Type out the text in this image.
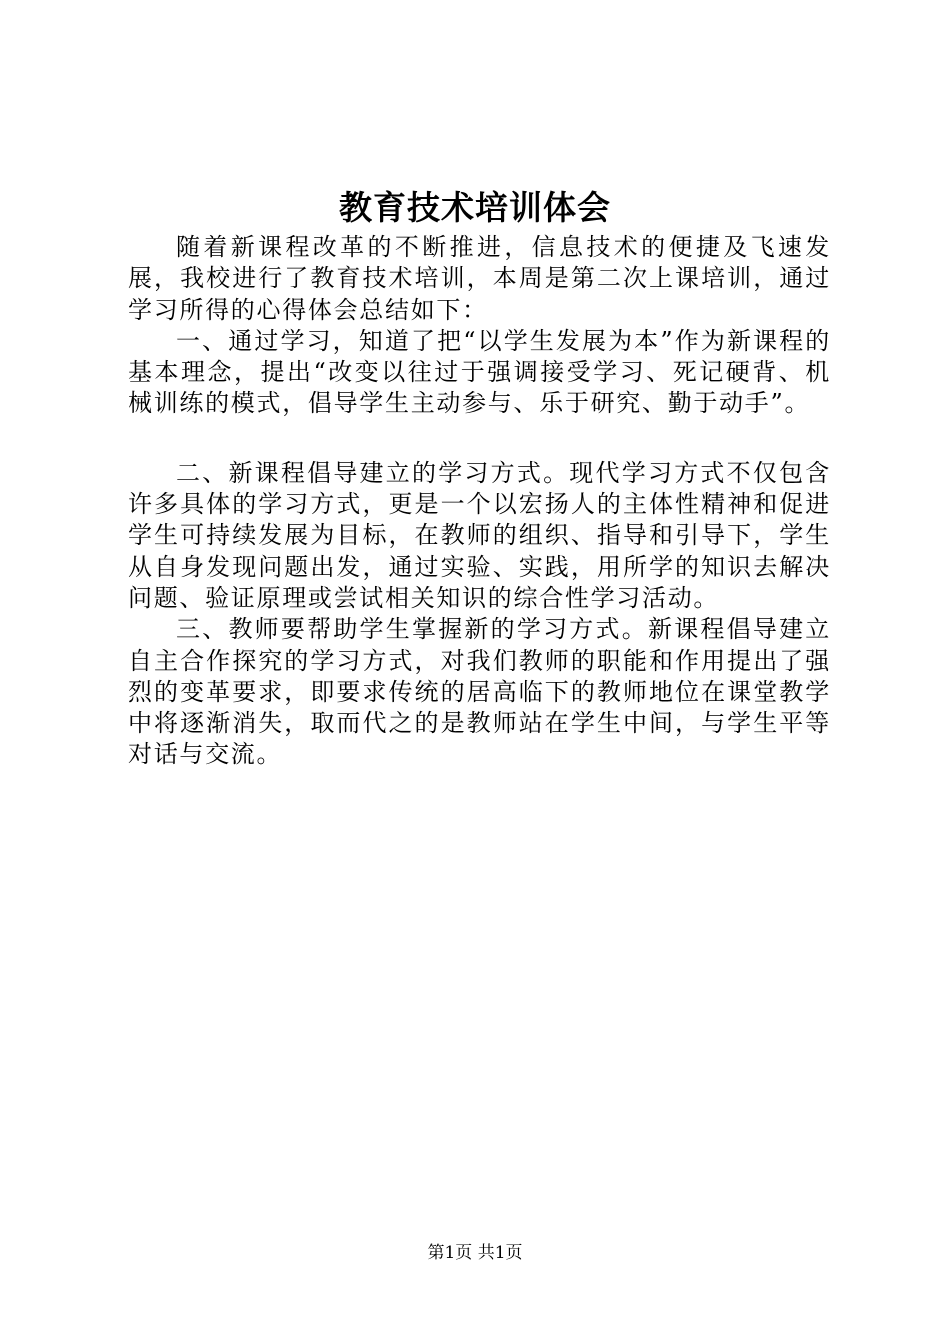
教育技术培训体会

随着新课程改革的不断推进，信息技术的便捷及飞速发展，我校进行了教育技术培训，本周是第二次上课培训，通过学习所得的心得体会总结如下：

一、通过学习，知道了把“以学生发展为本”作为新课程的基本理念，提出“改变以往过于强调接受学习、死记硬背、机械训练的模式，倡导学生主动参与、乐于研究、勤于动手”。

二、新课程倡导建立的学习方式。现代学习方式不仅包含许多具体的学习方式，更是一个以宏扬人的主体性精神和促进学生可持续发展为目标，在教师的组织、指导和引导下，学生从自身发现问题出发，通过实验、实践，用所学的知识去解决问题、验证原理或尝试相关知识的综合性学习活动。

三、教师要帮助学生掌握新的学习方式。新课程倡导建立自主合作探究的学习方式，对我们教师的职能和作用提出了强烈的变革要求，即要求传统的居高临下的教师地位在课堂教学中将逐渐消失，取而代之的是教师站在学生中间，与学生平等对话与交流。

第1页 共1页
